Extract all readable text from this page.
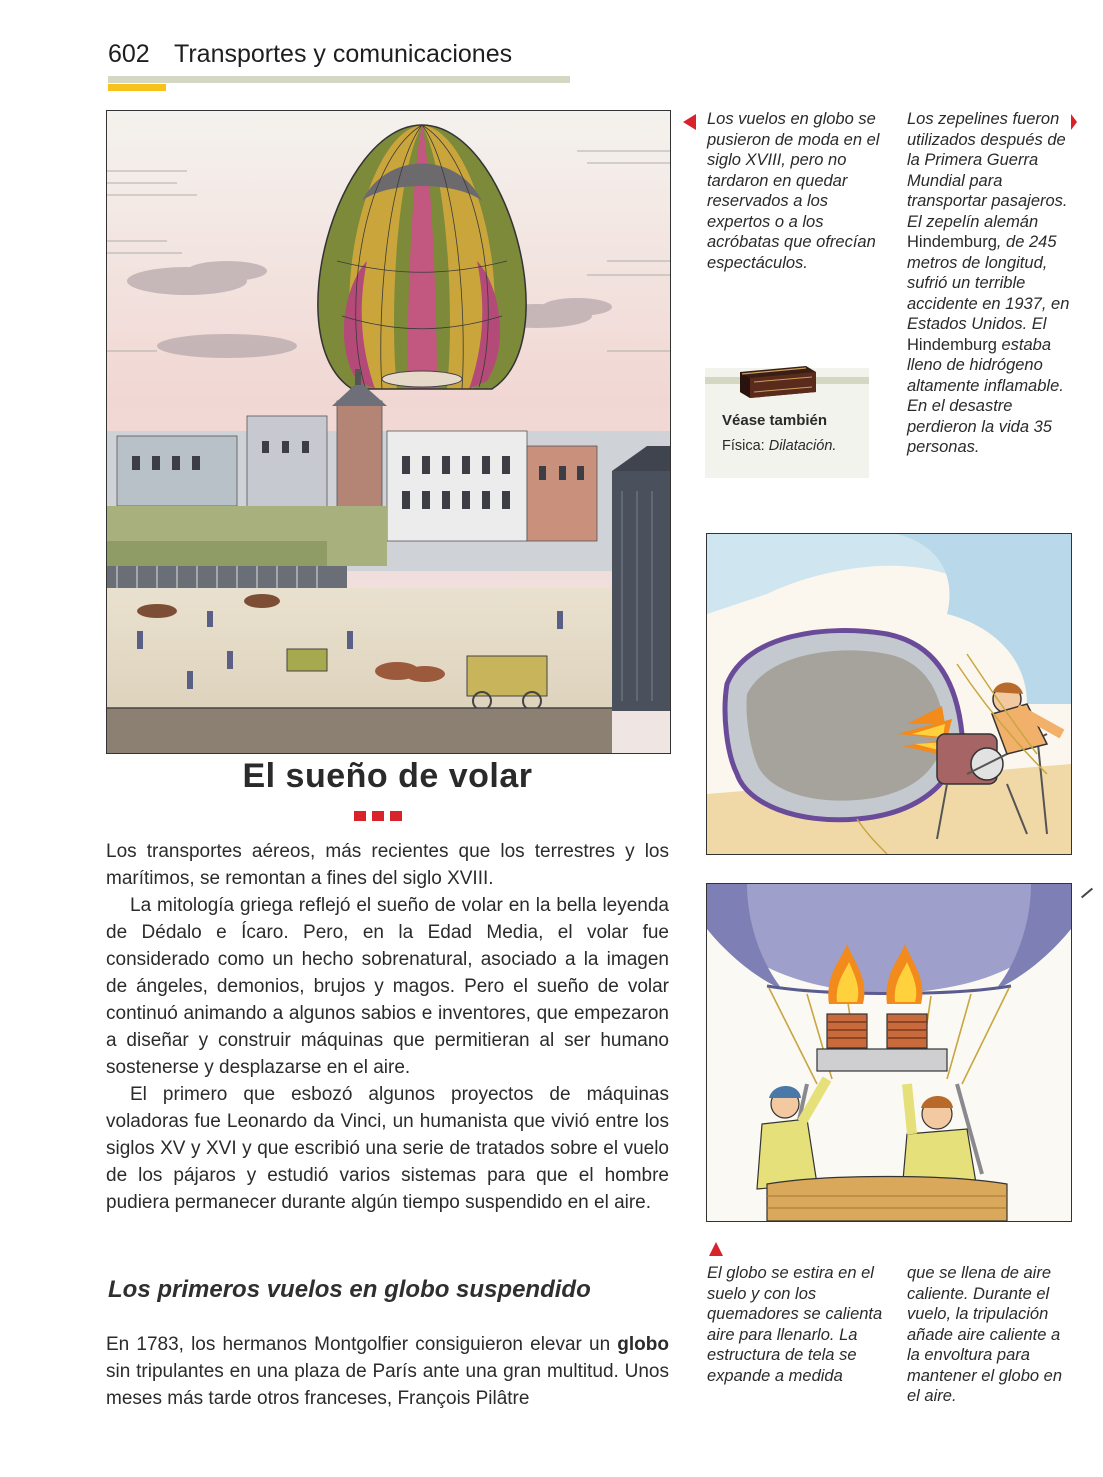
602 Transportes y comunicaciones
El sueño de volar

Los transportes aéreos, más recientes que los terrestres y los marítimos, se remontan a fines del siglo XVIII.

La mitología griega reflejó el sueño de volar en la bella leyenda de Dédalo e Ícaro. Pero, en la Edad Media, el volar fue considerado como un hecho sobrenatural, asociado a la imagen de ángeles, demonios, brujos y magos. Pero el sueño de volar continuó animando a algunos sabios e inventores, que empezaron a diseñar y construir máquinas que permitieran al ser humano sostenerse y desplazarse en el aire.

El primero que esbozó algunos proyectos de máquinas voladoras fue Leonardo da Vinci, un humanista que vivió entre los siglos XV y XVI y que escribió una serie de tratados sobre el vuelo de los pájaros y estudió varios sistemas para que el hombre pudiera permanecer durante algún tiempo suspendido en el aire.

Los primeros vuelos en globo suspendido

En 1783, los hermanos Montgolfier consiguieron elevar un globo sin tripulantes en una plaza de París ante una gran multitud. Unos meses más tarde otros franceses, François Pilâtre

Los vuelos en globo se pusieron de moda en el siglo XVIII, pero no tardaron en quedar reservados a los expertos o a los acróbatas que ofrecían espectáculos.

Los zepelines fueron utilizados después de la Primera Guerra Mundial para transportar pasajeros. El zepelín alemán Hindemburg, de 245 metros de longitud, sufrió un terrible accidente en 1937, en Estados Unidos. El Hindemburg estaba lleno de hidrógeno altamente inflamable. En el desastre perdieron la vida 35 personas.

Véase también
Física: Dilatación.

El globo se estira en el suelo y con los quemadores se calienta aire para llenarlo. La estructura de tela se expande a medida

que se llena de aire caliente. Durante el vuelo, la tripulación añade aire caliente a la envoltura para mantener el globo en el aire.
